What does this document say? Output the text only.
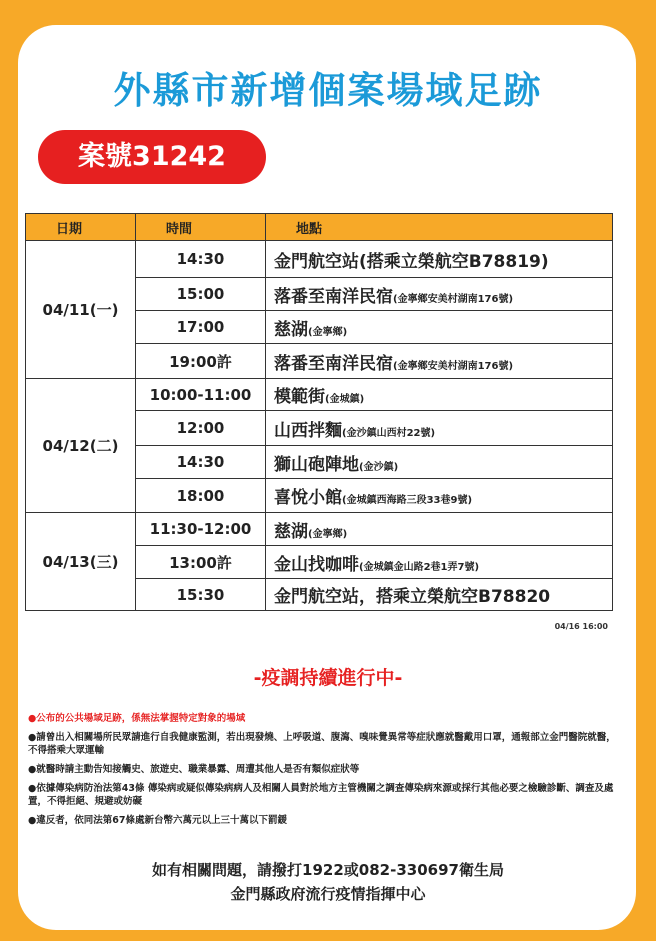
外縣市新增個案場域足跡
案號31242
日期	時間	地點
04/11(一)	14:30	金門航空站(搭乘立榮航空B78819)
	15:00	落番至南洋民宿(金寧鄉安美村湖南176號)
	17:00	慈湖(金寧鄉)
	19:00許	落番至南洋民宿(金寧鄉安美村湖南176號)
04/12(二)	10:00-11:00	模範街(金城鎮)
	12:00	山西拌麵(金沙鎮山西村22號)
	14:30	獅山砲陣地(金沙鎮)
	18:00	喜悅小館(金城鎮西海路三段33巷9號)
04/13(三)	11:30-12:00	慈湖(金寧鄉)
	13:00許	金山找咖啡(金城鎮金山路2巷1弄7號)
	15:30	金門航空站，搭乘立榮航空B78820
04/16 16:00
-疫調持續進行中-
●公布的公共場域足跡，係無法掌握特定對象的場域
●請曾出入相關場所民眾請進行自我健康監測，若出現發燒、上呼吸道、腹瀉、嗅味覺異常等症狀應就醫戴用口罩，通報部立金門醫院就醫，不得搭乘大眾運輸
●就醫時請主動告知接觸史、旅遊史、職業暴露、周遭其他人是否有類似症狀等
●依據傳染病防治法第43條 傳染病或疑似傳染病病人及相關人員對於地方主管機關之調查傳染病來源或採行其他必要之檢驗診斷、調查及處置，不得拒絕、規避或妨礙
●違反者，依同法第67條處新台幣六萬元以上三十萬以下罰鍰
如有相關問題，請撥打1922或082-330697衛生局
金門縣政府流行疫情指揮中心
